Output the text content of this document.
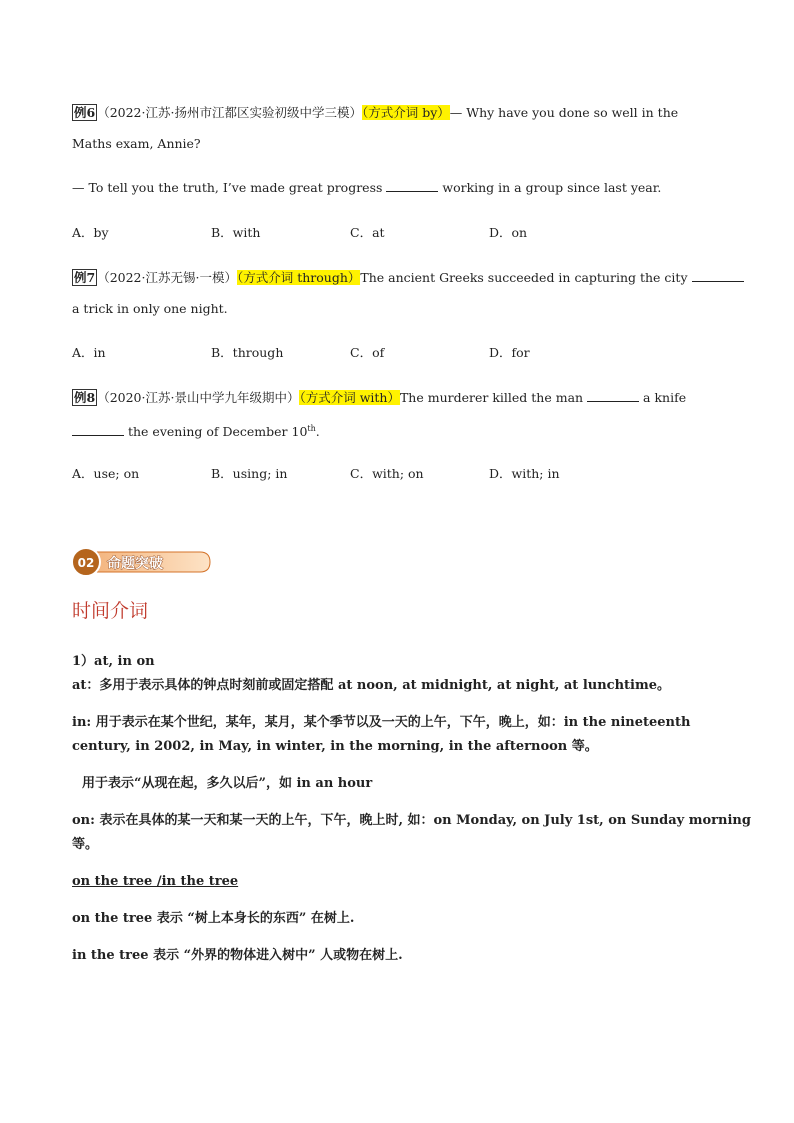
例6 （2022·江苏·扬州市江都区实验初级中学三模）（方式介词 by）— Why have you done so well in the
Maths exam, Annie?
— To tell you the truth, I’ve made great progress	working in a group since last year.
A．by	B．with	C．at	D．on
例7 （2022·江苏无锡·一模）（方式介词 through）The ancient Greeks succeeded in capturing the city
a trick in only one night.
A．in	B．through	C．of	D．for
例8 （2020·江苏·景山中学九年级期中）（方式介词 with）The murderer killed the man	a knife
the evening of December 10th.
A．use; on	B．using; in	C．with; on	D．with; in
02 命题突破
时间介词
1）at, in on
at：多用于表示具体的钟点时刻前或固定搭配 at noon, at midnight, at night, at lunchtime。
in: 用于表示在某个世纪，某年，某月，某个季节以及一天的上午，下午，晚上，如：in the nineteenth
century, in 2002, in May, in winter, in the morning, in the afternoon 等。
用于表示“从现在起，多久以后”，如 in an hour
on: 表示在具体的某一天和某一天的上午，下午，晚上时, 如：on Monday, on July 1st, on Sunday morning
等。
on the tree /in the tree
on the tree 表示 “树上本身长的东西” 在树上.
in the tree 表示 “外界的物体进入树中” 人或物在树上.
